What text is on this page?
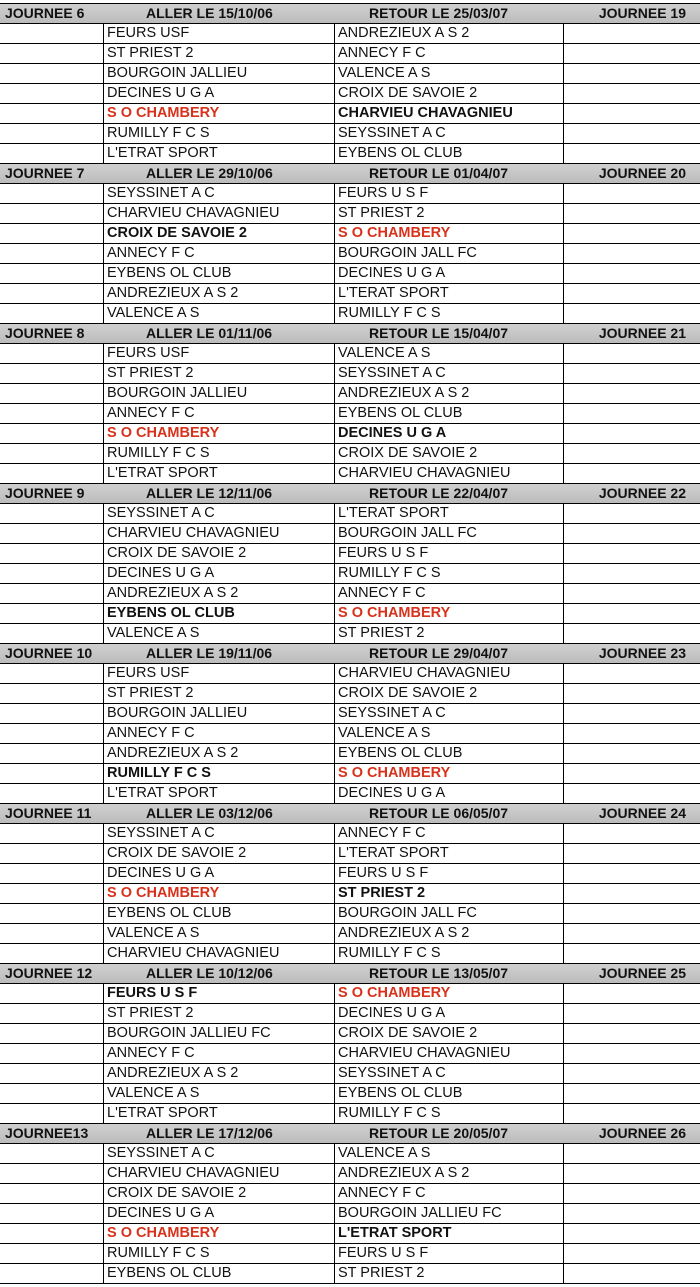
JOURNEE 6	ALLER LE 15/10/06	RETOUR LE 25/03/07	JOURNEE 19
FEURS USF	ANDREZIEUX A S 2
ST PRIEST 2	ANNECY F C
BOURGOIN JALLIEU	VALENCE A S
DECINES U G A	CROIX DE SAVOIE 2
S O CHAMBERY	CHARVIEU CHAVAGNIEU
RUMILLY F C S	SEYSSINET A C
L'ETRAT SPORT	EYBENS OL CLUB
JOURNEE 7	ALLER LE 29/10/06	RETOUR LE 01/04/07	JOURNEE 20
SEYSSINET A C	FEURS U S F
CHARVIEU CHAVAGNIEU	ST PRIEST 2
CROIX DE SAVOIE 2	S O CHAMBERY
ANNECY F C	BOURGOIN JALL FC
EYBENS OL CLUB	DECINES U G A
ANDREZIEUX A S 2	L'TERAT SPORT
VALENCE A S	RUMILLY F C S
JOURNEE 8	ALLER LE 01/11/06	RETOUR LE 15/04/07	JOURNEE 21
FEURS USF	VALENCE A S
ST PRIEST 2	SEYSSINET A C
BOURGOIN JALLIEU	ANDREZIEUX A S 2
ANNECY F C	EYBENS OL CLUB
S O CHAMBERY	DECINES U G A
RUMILLY F C S	CROIX DE SAVOIE 2
L'ETRAT SPORT	CHARVIEU CHAVAGNIEU
JOURNEE 9	ALLER LE 12/11/06	RETOUR LE 22/04/07	JOURNEE 22
SEYSSINET A C	L'TERAT SPORT
CHARVIEU CHAVAGNIEU	BOURGOIN JALL FC
CROIX DE SAVOIE 2	FEURS U S F
DECINES U G A	RUMILLY F C S
ANDREZIEUX A S 2	ANNECY F C
EYBENS OL CLUB	S O CHAMBERY
VALENCE A S	ST PRIEST 2
JOURNEE 10	ALLER LE 19/11/06	RETOUR LE 29/04/07	JOURNEE 23
FEURS USF	CHARVIEU CHAVAGNIEU
ST PRIEST 2	CROIX DE SAVOIE 2
BOURGOIN JALLIEU	SEYSSINET A C
ANNECY F C	VALENCE A S
ANDREZIEUX A S 2	EYBENS OL CLUB
RUMILLY F C S	S O CHAMBERY
L'ETRAT SPORT	DECINES U G A
JOURNEE 11	ALLER LE 03/12/06	RETOUR LE 06/05/07	JOURNEE 24
SEYSSINET A C	ANNECY F C
CROIX DE SAVOIE 2	L'TERAT SPORT
DECINES U G A	FEURS U S F
S O CHAMBERY	ST PRIEST 2
EYBENS OL CLUB	BOURGOIN JALL FC
VALENCE A S	ANDREZIEUX A S 2
CHARVIEU CHAVAGNIEU	RUMILLY F C S
JOURNEE 12	ALLER LE 10/12/06	RETOUR LE 13/05/07	JOURNEE 25
FEURS U S F	S O CHAMBERY
ST PRIEST 2	DECINES U G A
BOURGOIN JALLIEU FC	CROIX DE SAVOIE 2
ANNECY F C	CHARVIEU CHAVAGNIEU
ANDREZIEUX A S 2	SEYSSINET A C
VALENCE A S	EYBENS OL CLUB
L'ETRAT SPORT	RUMILLY F C S
JOURNEE13	ALLER LE 17/12/06	RETOUR LE 20/05/07	JOURNEE 26
SEYSSINET A C	VALENCE A S
CHARVIEU CHAVAGNIEU	ANDREZIEUX A S 2
CROIX DE SAVOIE 2	ANNECY F C
DECINES U G A	BOURGOIN JALLIEU FC
S O CHAMBERY	L'ETRAT SPORT
RUMILLY F C S	FEURS U S F
EYBENS OL CLUB	ST PRIEST 2
